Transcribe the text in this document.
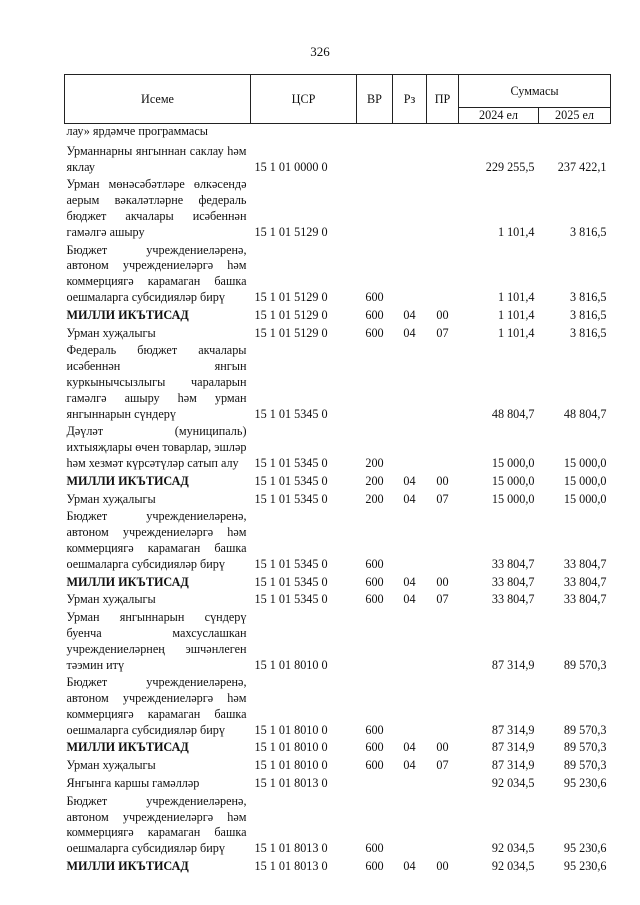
326
Исеме	ЦСР	ВР	Рз	ПР	Суммасы	
					2024 ел	2025 ел
лау» ярдәмче программасы						
Урманнарны янгыннан саклау һәм яклау	15 1 01 0000 0				229 255,5	237 422,1
Урман мөнәсәбәтләре өлкәсендә аерым вәкаләтләрне федераль бюджет акчалары исәбеннән гамәлгә ашыру	15 1 01 5129 0				1 101,4	3 816,5
Бюджет учреждениеләренә, автоном учреждениеләргә һәм коммерциягә карамаган башка оешмаларга субсидияләр бирү	15 1 01 5129 0	600			1 101,4	3 816,5
МИЛЛИ ИКЪТИСАД	15 1 01 5129 0	600	04	00	1 101,4	3 816,5
Урман хуҗалыгы	15 1 01 5129 0	600	04	07	1 101,4	3 816,5
Федераль бюджет акчалары исәбеннән янгын куркынычсызлыгы чараларын гамәлгә ашыру һәм урман янгыннарын сүндерү	15 1 01 5345 0				48 804,7	48 804,7
Дәүләт (муниципаль) ихтыяҗлары өчен товарлар, эшләр һәм хезмәт күрсәтүләр сатып алу	15 1 01 5345 0	200			15 000,0	15 000,0
МИЛЛИ ИКЪТИСАД	15 1 01 5345 0	200	04	00	15 000,0	15 000,0
Урман хуҗалыгы	15 1 01 5345 0	200	04	07	15 000,0	15 000,0
Бюджет учреждениеләренә, автоном учреждениеләргә һәм коммерциягә карамаган башка оешмаларга субсидияләр бирү	15 1 01 5345 0	600			33 804,7	33 804,7
МИЛЛИ ИКЪТИСАД	15 1 01 5345 0	600	04	00	33 804,7	33 804,7
Урман хуҗалыгы	15 1 01 5345 0	600	04	07	33 804,7	33 804,7
Урман янгыннарын сүндерү буенча махсуслашкан учреждениеләрнең эшчәнлеген тәэмин итү	15 1 01 8010 0				87 314,9	89 570,3
Бюджет учреждениеләренә, автоном учреждениеләргә һәм коммерциягә карамаган башка оешмаларга субсидияләр бирү	15 1 01 8010 0	600			87 314,9	89 570,3
МИЛЛИ ИКЪТИСАД	15 1 01 8010 0	600	04	00	87 314,9	89 570,3
Урман хуҗалыгы	15 1 01 8010 0	600	04	07	87 314,9	89 570,3
Янгынга каршы гамәлләр	15 1 01 8013 0				92 034,5	95 230,6
Бюджет учреждениеләренә, автоном учреждениеләргә һәм коммерциягә карамаган башка оешмаларга субсидияләр бирү	15 1 01 8013 0	600			92 034,5	95 230,6
МИЛЛИ ИКЪТИСАД	15 1 01 8013 0	600	04	00	92 034,5	95 230,6
